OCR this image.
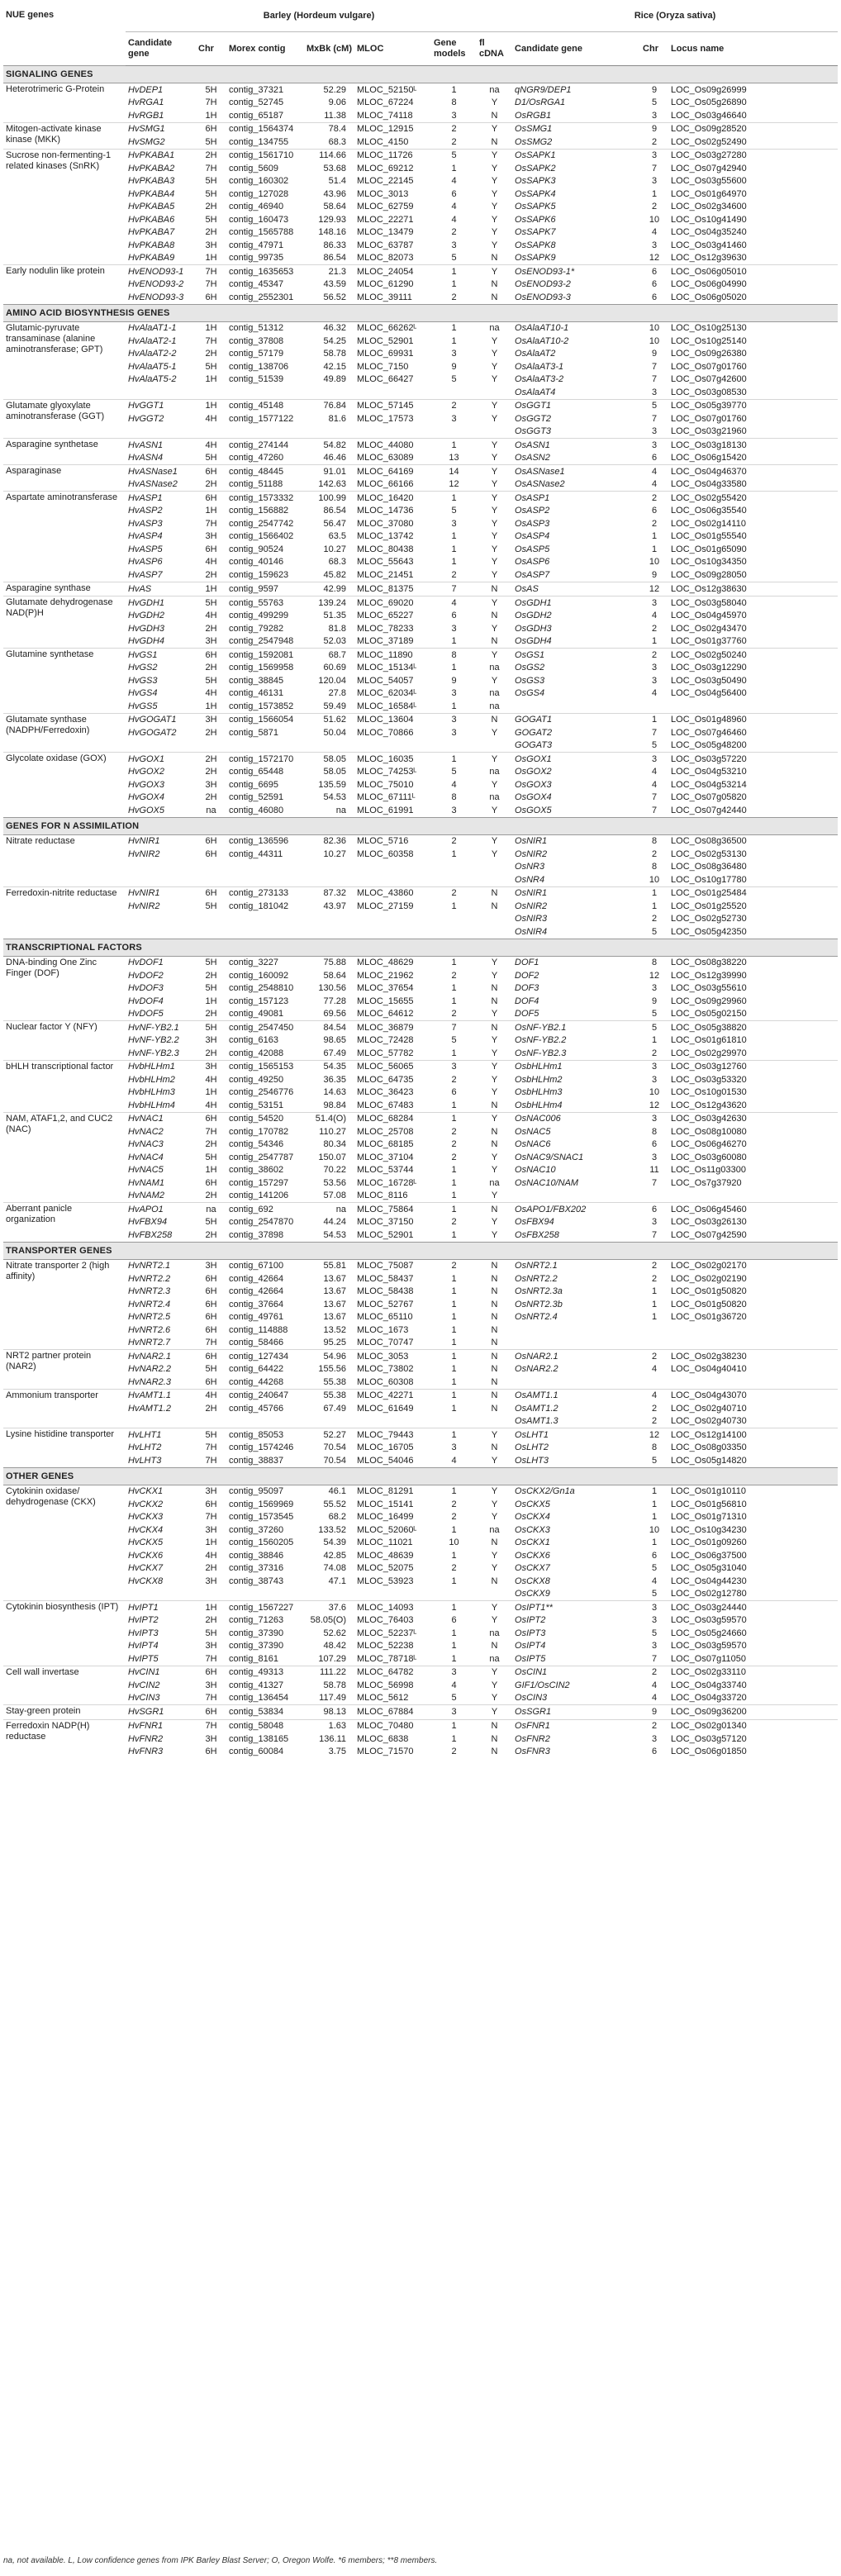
NUE genes	Barley (Hordeum vulgare)							Rice (Oryza sativa)		
	Candidate gene	Chr	Morex contig	MxBk (cM)	MLOC	Gene models	fl cDNA	Candidate gene	Chr	Locus name
SIGNALING GENES										
Heterotrimeric G-Protein	HvDEP1	5H	contig_37321	52.29	MLOC_52150ᴸ	1	na	qNGR9/DEP1	9	LOC_Os09g26999
	HvRGA1	7H	contig_52745	9.06	MLOC_67224	8	Y	D1/OsRGA1	5	LOC_Os05g26890
	HvRGB1	1H	contig_65187	11.38	MLOC_74118	3	N	OsRGB1	3	LOC_Os03g46640
Mitogen-activate kinase kinase (MKK)	HvSMG1	6H	contig_1564374	78.4	MLOC_12915	2	Y	OsSMG1	9	LOC_Os09g28520
	HvSMG2	5H	contig_134755	68.3	MLOC_4150	2	N	OsSMG2	2	LOC_Os02g52490
Sucrose non-fermenting-1 related kinases (SnRK)	HvPKABA1	2H	contig_1561710	114.66	MLOC_11726	5	Y	OsSAPK1	3	LOC_Os03g27280
	HvPKABA2	7H	contig_5609	53.68	MLOC_69212	1	Y	OsSAPK2	7	LOC_Os07g42940
	HvPKABA3	5H	contig_160302	51.4	MLOC_22145	4	Y	OsSAPK3	3	LOC_Os03g55600
	HvPKABA4	5H	contig_127028	43.96	MLOC_3013	6	Y	OsSAPK4	1	LOC_Os01g64970
	HvPKABA5	2H	contig_46940	58.64	MLOC_62759	4	Y	OsSAPK5	2	LOC_Os02g34600
	HvPKABA6	5H	contig_160473	129.93	MLOC_22271	4	Y	OsSAPK6	10	LOC_Os10g41490
	HvPKABA7	2H	contig_1565788	148.16	MLOC_13479	2	Y	OsSAPK7	4	LOC_Os04g35240
	HvPKABA8	3H	contig_47971	86.33	MLOC_63787	3	Y	OsSAPK8	3	LOC_Os03g41460
	HvPKABA9	1H	contig_99735	86.54	MLOC_82073	5	N	OsSAPK9	12	LOC_Os12g39630
Early nodulin like protein	HvENOD93-1	7H	contig_1635653	21.3	MLOC_24054	1	Y	OsENOD93-1*	6	LOC_Os06g05010
	HvENOD93-2	7H	contig_45347	43.59	MLOC_61290	1	N	OsENOD93-2	6	LOC_Os06g04990
	HvENOD93-3	6H	contig_2552301	56.52	MLOC_39111	2	N	OsENOD93-3	6	LOC_Os06g05020
AMINO ACID BIOSYNTHESIS GENES										
Glutamic-pyruvate transaminase (alanine aminotransferase; GPT)	HvAlaAT1-1	1H	contig_51312	46.32	MLOC_66262ᴸ	1	na	OsAlaAT10-1	10	LOC_Os10g25130
	HvAlaAT2-1	7H	contig_37808	54.25	MLOC_52901	1	Y	OsAlaAT10-2	10	LOC_Os10g25140
	HvAlaAT2-2	2H	contig_57179	58.78	MLOC_69931	3	Y	OsAlaAT2	9	LOC_Os09g26380
	HvAlaAT5-1	5H	contig_138706	42.15	MLOC_7150	9	Y	OsAlaAT3-1	7	LOC_Os07g01760
	HvAlaAT5-2	1H	contig_51539	49.89	MLOC_66427	5	Y	OsAlaAT3-2	7	LOC_Os07g42600
								OsAlaAT4	3	LOC_Os03g08530
Glutamate glyoxylate aminotransferase (GGT)	HvGGT1	1H	contig_45148	76.84	MLOC_57145	2	Y	OsGGT1	5	LOC_Os05g39770
	HvGGT2	4H	contig_1577122	81.6	MLOC_17573	3	Y	OsGGT2	7	LOC_Os07g01760
								OsGGT3	3	LOC_Os03g21960
Asparagine synthetase	HvASN1	4H	contig_274144	54.82	MLOC_44080	1	Y	OsASN1	3	LOC_Os03g18130
	HvASN4	5H	contig_47260	46.46	MLOC_63089	13	Y	OsASN2	6	LOC_Os06g15420
Asparaginase	HvASNase1	6H	contig_48445	91.01	MLOC_64169	14	Y	OsASNase1	4	LOC_Os04g46370
	HvASNase2	2H	contig_51188	142.63	MLOC_66166	12	Y	OsASNase2	4	LOC_Os04g33580
Aspartate aminotransferase	HvASP1	6H	contig_1573332	100.99	MLOC_16420	1	Y	OsASP1	2	LOC_Os02g55420
	HvASP2	1H	contig_156882	86.54	MLOC_14736	5	Y	OsASP2	6	LOC_Os06g35540
	HvASP3	7H	contig_2547742	56.47	MLOC_37080	3	Y	OsASP3	2	LOC_Os02g14110
	HvASP4	3H	contig_1566402	63.5	MLOC_13742	1	Y	OsASP4	1	LOC_Os01g55540
	HvASP5	6H	contig_90524	10.27	MLOC_80438	1	Y	OsASP5	1	LOC_Os01g65090
	HvASP6	4H	contig_40146	68.3	MLOC_55643	1	Y	OsASP6	10	LOC_Os10g34350
	HvASP7	2H	contig_159623	45.82	MLOC_21451	2	Y	OsASP7	9	LOC_Os09g28050
Asparagine synthase	HvAS	1H	contig_9597	42.99	MLOC_81375	7	N	OsAS	12	LOC_Os12g38630
Glutamate dehydrogenase NAD(P)H	HvGDH1	5H	contig_55763	139.24	MLOC_69020	4	Y	OsGDH1	3	LOC_Os03g58040
	HvGDH2	4H	contig_499299	51.35	MLOC_65227	6	N	OsGDH2	4	LOC_Os04g45970
	HvGDH3	2H	contig_79282	81.8	MLOC_78233	3	Y	OsGDH3	2	LOC_Os02g43470
	HvGDH4	3H	contig_2547948	52.03	MLOC_37189	1	N	OsGDH4	1	LOC_Os01g37760
Glutamine synthetase	HvGS1	6H	contig_1592081	68.7	MLOC_11890	8	Y	OsGS1	2	LOC_Os02g50240
	HvGS2	2H	contig_1569958	60.69	MLOC_15134ᴸ	1	na	OsGS2	3	LOC_Os03g12290
	HvGS3	5H	contig_38845	120.04	MLOC_54057	9	Y	OsGS3	3	LOC_Os03g50490
	HvGS4	4H	contig_46131	27.8	MLOC_62034ᴸ	3	na	OsGS4	4	LOC_Os04g56400
	HvGS5	1H	contig_1573852	59.49	MLOC_16584ᴸ	1	na			
Glutamate synthase (NADPH/Ferredoxin)	HvGOGAT1	3H	contig_1566054	51.62	MLOC_13604	3	N	GOGAT1	1	LOC_Os01g48960
	HvGOGAT2	2H	contig_5871	50.04	MLOC_70866	3	Y	GOGAT2	7	LOC_Os07g46460
								GOGAT3	5	LOC_Os05g48200
Glycolate oxidase (GOX)	HvGOX1	2H	contig_1572170	58.05	MLOC_16035	1	Y	OsGOX1	3	LOC_Os03g57220
	HvGOX2	2H	contig_65448	58.05	MLOC_74253ᴸ	5	na	OsGOX2	4	LOC_Os04g53210
	HvGOX3	3H	contig_6695	135.59	MLOC_75010	4	Y	OsGOX3	4	LOC_Os04g53214
	HvGOX4	2H	contig_52591	54.53	MLOC_67111ᴸ	8	na	OsGOX4	7	LOC_Os07g05820
	HvGOX5	na	contig_46080	na	MLOC_61991	3	Y	OsGOX5	7	LOC_Os07g42440
GENES FOR N ASSIMILATION										
Nitrate reductase	HvNIR1	6H	contig_136596	82.36	MLOC_5716	2	Y	OsNIR1	8	LOC_Os08g36500
	HvNIR2	6H	contig_44311	10.27	MLOC_60358	1	Y	OsNIR2	2	LOC_Os02g53130
								OsNR3	8	LOC_Os08g36480
								OsNR4	10	LOC_Os10g17780
Ferredoxin-nitrite reductase	HvNIR1	6H	contig_273133	87.32	MLOC_43860	2	N	OsNIR1	1	LOC_Os01g25484
	HvNIR2	5H	contig_181042	43.97	MLOC_27159	1	N	OsNIR2	1	LOC_Os01g25520
								OsNIR3	2	LOC_Os02g52730
								OsNIR4	5	LOC_Os05g42350
TRANSCRIPTIONAL FACTORS										
DNA-binding One Zinc Finger (DOF)	HvDOF1	5H	contig_3227	75.88	MLOC_48629	1	Y	DOF1	8	LOC_Os08g38220
	HvDOF2	2H	contig_160092	58.64	MLOC_21962	2	Y	DOF2	12	LOC_Os12g39990
	HvDOF3	5H	contig_2548810	130.56	MLOC_37654	1	N	DOF3	3	LOC_Os03g55610
	HvDOF4	1H	contig_157123	77.28	MLOC_15655	1	N	DOF4	9	LOC_Os09g29960
	HvDOF5	2H	contig_49081	69.56	MLOC_64612	2	Y	DOF5	5	LOC_Os05g02150
Nuclear factor Y (NFY)	HvNF-YB2.1	5H	contig_2547450	84.54	MLOC_36879	7	N	OsNF-YB2.1	5	LOC_Os05g38820
	HvNF-YB2.2	3H	contig_6163	98.65	MLOC_72428	5	Y	OsNF-YB2.2	1	LOC_Os01g61810
	HvNF-YB2.3	2H	contig_42088	67.49	MLOC_57782	1	Y	OsNF-YB2.3	2	LOC_Os02g29970
bHLH transcriptional factor	HvbHLHm1	3H	contig_1565153	54.35	MLOC_56065	3	Y	OsbHLHm1	3	LOC_Os03g12760
	HvbHLHm2	4H	contig_49250	36.35	MLOC_64735	2	Y	OsbHLHm2	3	LOC_Os03g53320
	HvbHLHm3	1H	contig_2546776	14.63	MLOC_36423	6	Y	OsbHLHm3	10	LOC_Os10g01530
	HvbHLHm4	4H	contig_53151	98.84	MLOC_67483	1	N	OsbHLHm4	12	LOC_Os12g43620
NAM, ATAF1,2, and CUC2 (NAC)	HvNAC1	6H	contig_54520	51.4(O)	MLOC_68284	1	Y	OsNAC006	3	LOC_Os03g42630
	HvNAC2	7H	contig_170782	110.27	MLOC_25708	2	N	OsNAC5	8	LOC_Os08g10080
	HvNAC3	2H	contig_54346	80.34	MLOC_68185	2	N	OsNAC6	6	LOC_Os06g46270
	HvNAC4	5H	contig_2547787	150.07	MLOC_37104	2	Y	OsNAC9/SNAC1	3	LOC_Os03g60080
	HvNAC5	1H	contig_38602	70.22	MLOC_53744	1	Y	OsNAC10	11	LOC_Os11g03300
	HvNAM1	6H	contig_157297	53.56	MLOC_16728ᴸ	1	na	OsNAC10/NAM	7	LOC_Os7g37920
	HvNAM2	2H	contig_141206	57.08	MLOC_8116	1	Y			
Aberrant panicle organization	HvAPO1	na	contig_692	na	MLOC_75864	1	N	OsAPO1/FBX202	6	LOC_Os06g45460
	HvFBX94	5H	contig_2547870	44.24	MLOC_37150	2	Y	OsFBX94	3	LOC_Os03g26130
	HvFBX258	2H	contig_37898	54.53	MLOC_52901	1	Y	OsFBX258	7	LOC_Os07g42590
TRANSPORTER GENES										
Nitrate transporter 2 (high affinity)	HvNRT2.1	3H	contig_67100	55.81	MLOC_75087	2	N	OsNRT2.1	2	LOC_Os02g02170
	HvNRT2.2	6H	contig_42664	13.67	MLOC_58437	1	N	OsNRT2.2	2	LOC_Os02g02190
	HvNRT2.3	6H	contig_42664	13.67	MLOC_58438	1	N	OsNRT2.3a	1	LOC_Os01g50820
	HvNRT2.4	6H	contig_37664	13.67	MLOC_52767	1	N	OsNRT2.3b	1	LOC_Os01g50820
	HvNRT2.5	6H	contig_49761	13.67	MLOC_65110	1	N	OsNRT2.4	1	LOC_Os01g36720
	HvNRT2.6	6H	contig_114888	13.52	MLOC_1673	1	N			
	HvNRT2.7	7H	contig_58466	95.25	MLOC_70747	1	N			
NRT2 partner protein (NAR2)	HvNAR2.1	6H	contig_127434	54.96	MLOC_3053	1	N	OsNAR2.1	2	LOC_Os02g38230
	HvNAR2.2	5H	contig_64422	155.56	MLOC_73802	1	N	OsNAR2.2	4	LOC_Os04g40410
	HvNAR2.3	6H	contig_44268	55.38	MLOC_60308	1	N			
Ammonium transporter	HvAMT1.1	4H	contig_240647	55.38	MLOC_42271	1	N	OsAMT1.1	4	LOC_Os04g43070
	HvAMT1.2	2H	contig_45766	67.49	MLOC_61649	1	N	OsAMT1.2	2	LOC_Os02g40710
								OsAMT1.3	2	LOC_Os02g40730
Lysine histidine transporter	HvLHT1	5H	contig_85053	52.27	MLOC_79443	1	Y	OsLHT1	12	LOC_Os12g14100
	HvLHT2	7H	contig_1574246	70.54	MLOC_16705	3	N	OsLHT2	8	LOC_Os08g03350
	HvLHT3	7H	contig_38837	70.54	MLOC_54046	4	Y	OsLHT3	5	LOC_Os05g14820
OTHER GENES										
Cytokinin oxidase/ dehydrogenase (CKX)	HvCKX1	3H	contig_95097	46.1	MLOC_81291	1	Y	OsCKX2/Gn1a	1	LOC_Os01g10110
	HvCKX2	6H	contig_1569969	55.52	MLOC_15141	2	Y	OsCKX5	1	LOC_Os01g56810
	HvCKX3	7H	contig_1573545	68.2	MLOC_16499	2	Y	OsCKX4	1	LOC_Os01g71310
	HvCKX4	3H	contig_37260	133.52	MLOC_52060ᴸ	1	na	OsCKX3	10	LOC_Os10g34230
	HvCKX5	1H	contig_1560205	54.39	MLOC_11021	10	N	OsCKX1	1	LOC_Os01g09260
	HvCKX6	4H	contig_38846	42.85	MLOC_48639	1	Y	OsCKX6	6	LOC_Os06g37500
	HvCKX7	2H	contig_37316	74.08	MLOC_52075	2	Y	OsCKX7	5	LOC_Os05g31040
	HvCKX8	3H	contig_38743	47.1	MLOC_53923	1	N	OsCKX8	4	LOC_Os04g44230
								OsCKX9	5	LOC_Os02g12780
Cytokinin biosynthesis (IPT)	HvIPT1	1H	contig_1567227	37.6	MLOC_14093	1	Y	OsIPT1**	3	LOC_Os03g24440
	HvIPT2	2H	contig_71263	58.05(O)	MLOC_76403	6	Y	OsIPT2	3	LOC_Os03g59570
	HvIPT3	5H	contig_37390	52.62	MLOC_52237ᴸ	1	na	OsIPT3	5	LOC_Os05g24660
	HvIPT4	3H	contig_37390	48.42	MLOC_52238	1	N	OsIPT4	3	LOC_Os03g59570
	HvIPT5	7H	contig_8161	107.29	MLOC_78718ᴸ	1	na	OsIPT5	7	LOC_Os07g11050
Cell wall invertase	HvCIN1	6H	contig_49313	111.22	MLOC_64782	3	Y	OsCIN1	2	LOC_Os02g33110
	HvCIN2	3H	contig_41327	58.78	MLOC_56998	4	Y	GIF1/OsCIN2	4	LOC_Os04g33740
	HvCIN3	7H	contig_136454	117.49	MLOC_5612	5	Y	OsCIN3	4	LOC_Os04g33720
Stay-green protein	HvSGR1	6H	contig_53834	98.13	MLOC_67884	3	Y	OsSGR1	9	LOC_Os09g36200
Ferredoxin NADP(H) reductase	HvFNR1	7H	contig_58048	1.63	MLOC_70480	1	N	OsFNR1	2	LOC_Os02g01340
	HvFNR2	3H	contig_138165	136.11	MLOC_6838	1	N	OsFNR2	3	LOC_Os03g57120
	HvFNR3	6H	contig_60084	3.75	MLOC_71570	2	N	OsFNR3	6	LOC_Os06g01850
na, not available. L, Low confidence genes from IPK Barley Blast Server; O, Oregon Wolfe. *6 members; **8 members.
